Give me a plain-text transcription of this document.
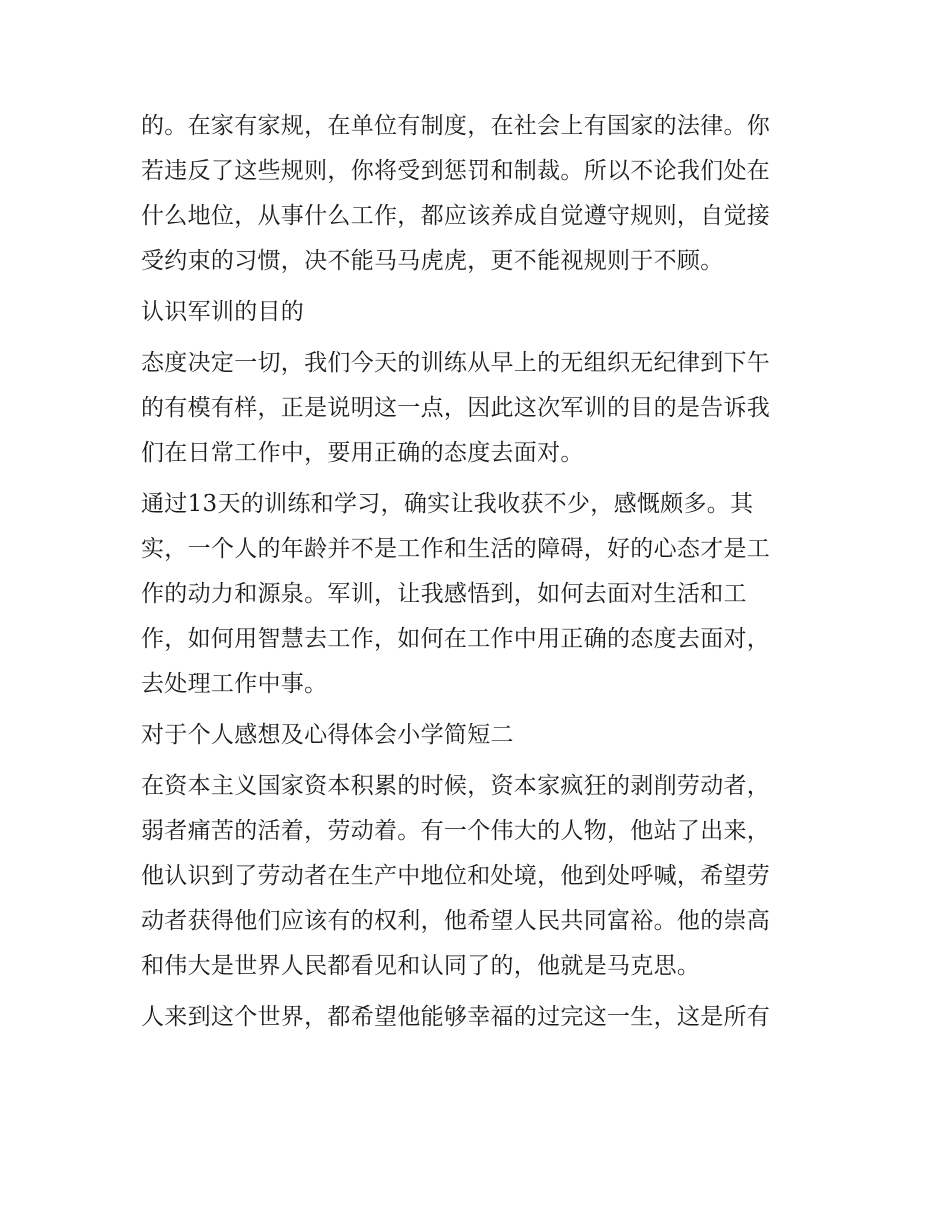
的。在家有家规，在单位有制度，在社会上有国家的法律。你
若违反了这些规则，你将受到惩罚和制裁。所以不论我们处在
什么地位，从事什么工作，都应该养成自觉遵守规则，自觉接
受约束的习惯，决不能马马虎虎，更不能视规则于不顾。
认识军训的目的
态度决定一切，我们今天的训练从早上的无组织无纪律到下午
的有模有样，正是说明这一点，因此这次军训的目的是告诉我
们在日常工作中，要用正确的态度去面对。
通过13天的训练和学习，确实让我收获不少，感慨颇多。其
实，一个人的年龄并不是工作和生活的障碍，好的心态才是工
作的动力和源泉。军训，让我感悟到，如何去面对生活和工
作，如何用智慧去工作，如何在工作中用正确的态度去面对，
去处理工作中事。
对于个人感想及心得体会小学简短二
在资本主义国家资本积累的时候，资本家疯狂的剥削劳动者，
弱者痛苦的活着，劳动着。有一个伟大的人物，他站了出来，
他认识到了劳动者在生产中地位和处境，他到处呼喊，希望劳
动者获得他们应该有的权利，他希望人民共同富裕。他的崇高
和伟大是世界人民都看见和认同了的，他就是马克思。
人来到这个世界，都希望他能够幸福的过完这一生，这是所有
